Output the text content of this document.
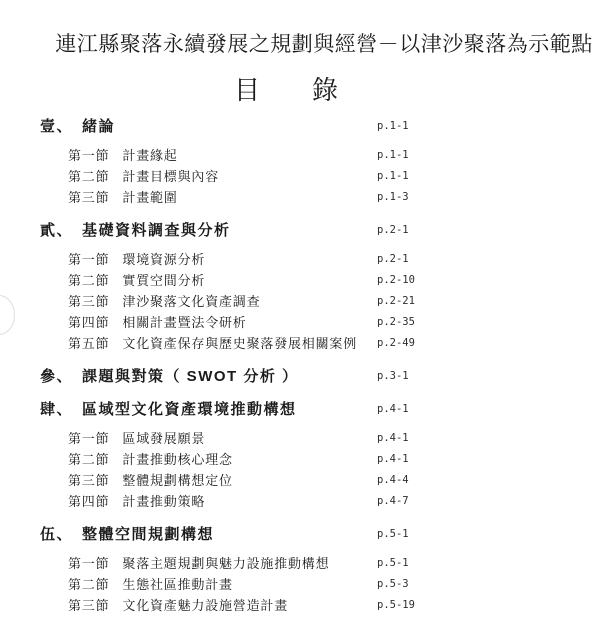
連江縣聚落永續發展之規劃與經營－以津沙聚落為示範點
目　　錄
壹、 緒論	p.1-1
第一節 計畫緣起	p.1-1
第二節 計畫目標與內容	p.1-1
第三節 計畫範圍	p.1-3
貳、 基礎資料調查與分析	p.2-1
第一節 環境資源分析	p.2-1
第二節 實質空間分析	p.2-10
第三節 津沙聚落文化資產調查	p.2-21
第四節 相關計畫暨法令研析	p.2-35
第五節 文化資產保存與歷史聚落發展相關案例 p.2-49
參、 課題與對策（ SWOT 分析 ）	p.3-1
肆、 區域型文化資產環境推動構想	p.4-1
第一節 區域發展願景	p.4-1
第二節 計畫推動核心理念	p.4-1
第三節 整體規劃構想定位	p.4-4
第四節 計畫推動策略	p.4-7
伍、 整體空間規劃構想	p.5-1
第一節 聚落主題規劃與魅力設施推動構想	p.5-1
第二節 生態社區推動計畫	p.5-3
第三節 文化資產魅力設施營造計畫	p.5-19
